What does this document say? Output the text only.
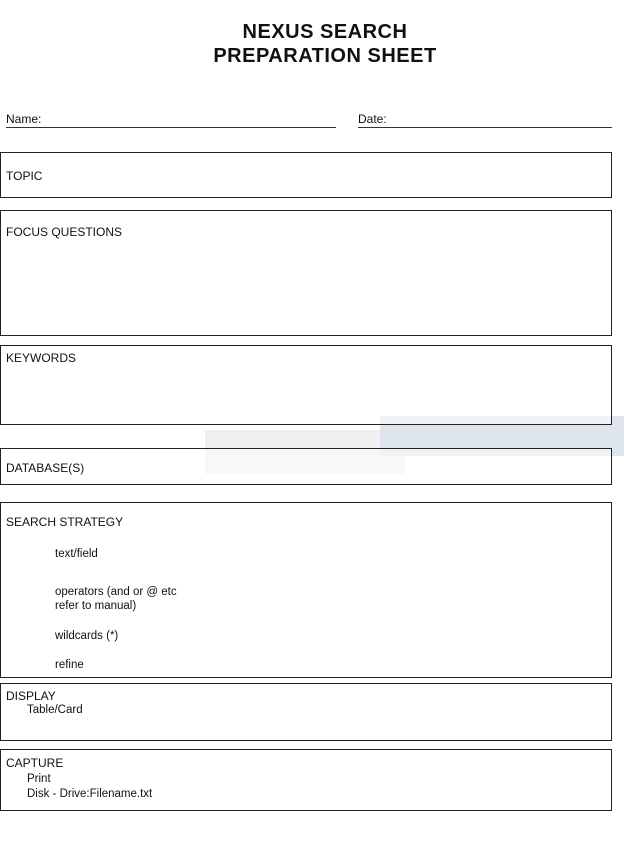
NEXUS SEARCH
PREPARATION SHEET
Name:	Date:
TOPIC
FOCUS QUESTIONS
KEYWORDS
DATABASE(S)
SEARCH STRATEGY
text/field
operators (and or @ etc
refer to manual)
wildcards (*)
refine
DISPLAY
Table/Card
CAPTURE
Print
Disk - Drive:Filename.txt
